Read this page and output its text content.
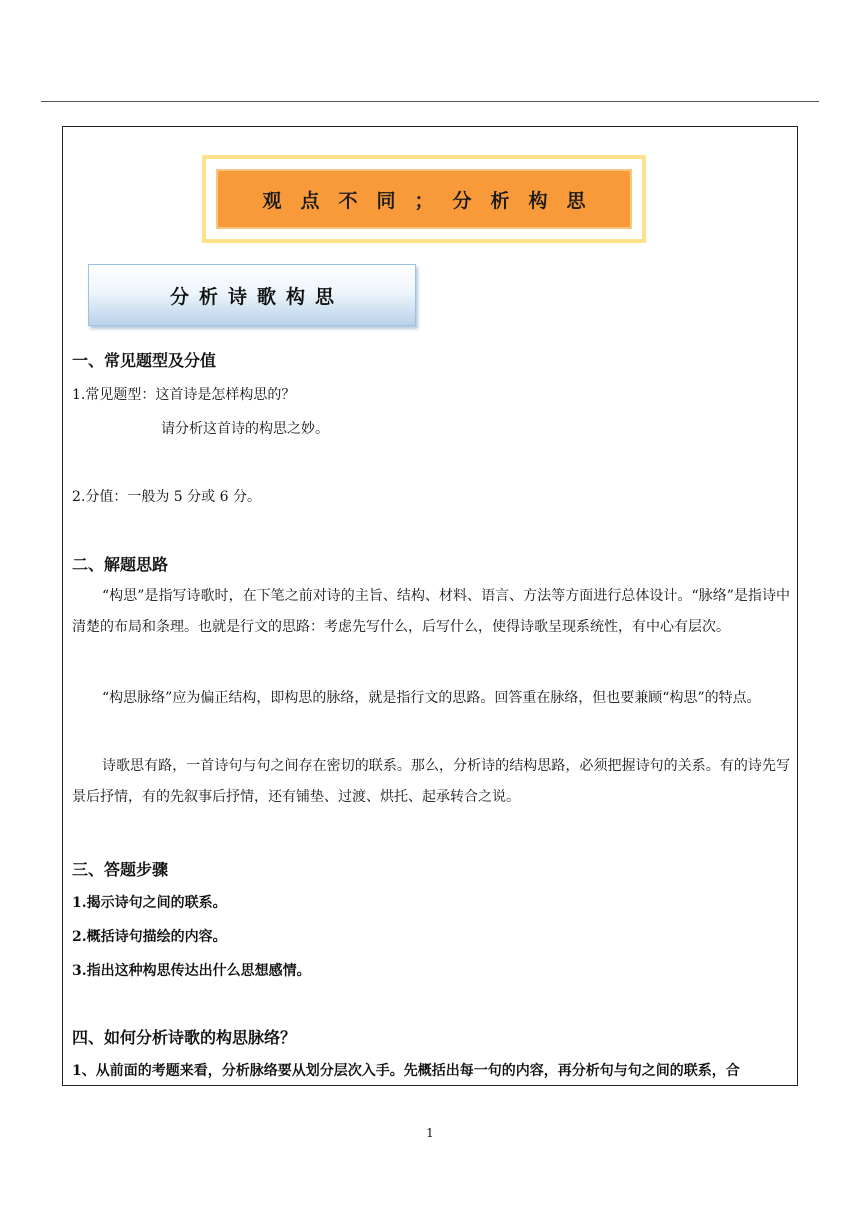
观点不同；分析构思
分析诗歌构思
一、常见题型及分值
1.常见题型：这首诗是怎样构思的？
请分析这首诗的构思之妙。
2.分值：一般为 5 分或 6 分。
二、解题思路
“构思”是指写诗歌时，在下笔之前对诗的主旨、结构、材料、语言、方法等方面进行总体设计。“脉络”是指诗中清楚的布局和条理。也就是行文的思路：考虑先写什么，后写什么，使得诗歌呈现系统性，有中心有层次。
“构思脉络”应为偏正结构，即构思的脉络，就是指行文的思路。回答重在脉络，但也要兼顾“构思”的特点。
诗歌思有路，一首诗句与句之间存在密切的联系。那么，分析诗的结构思路，必须把握诗句的关系。有的诗先写景后抒情，有的先叙事后抒情，还有铺垫、过渡、烘托、起承转合之说。
三、答题步骤
1.揭示诗句之间的联系。
2.概括诗句描绘的内容。
3.指出这种构思传达出什么思想感情。
四、如何分析诗歌的构思脉络？
1、从前面的考题来看，分析脉络要从划分层次入手。先概括出每一句的内容，再分析句与句之间的联系，合
1
